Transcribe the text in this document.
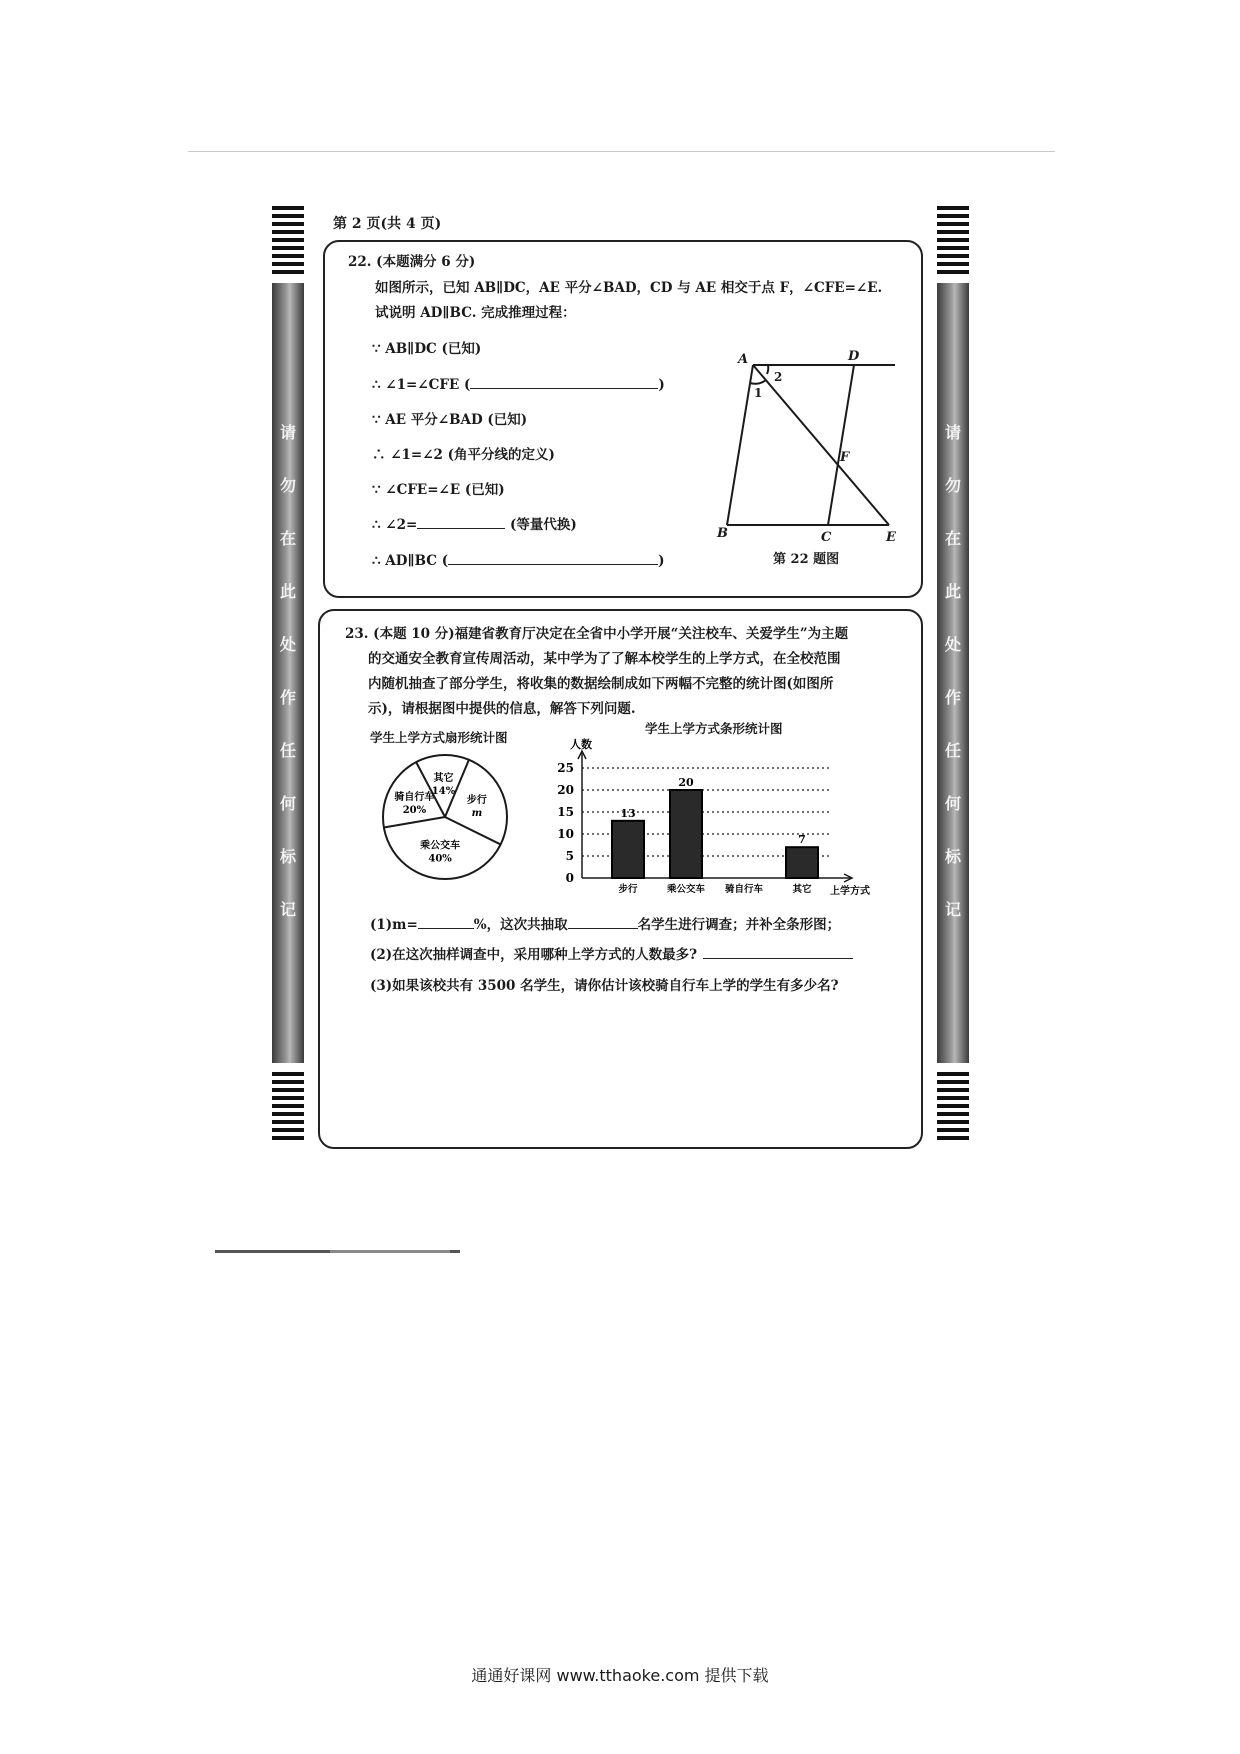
请
勿
在
此
处
作
任
何
标
记
请
勿
在
此
处
作
任
何
标
记
第 2 页(共 4 页)
22. (本题满分 6 分)
如图所示，已知 AB∥DC，AE 平分∠BAD，CD 与 AE 相交于点 F，∠CFE=∠E.
试说明 AD∥BC. 完成推理过程：
∵ AB∥DC (已知)
∴ ∠1=∠CFE (	)
∵ AE 平分∠BAD (已知)
∴ ∠1=∠2 (角平分线的定义)
∵ ∠CFE=∠E (已知)
∴ ∠2=	(等量代换)
∴ AD∥BC (	)
A	D
B	C	E
F
1
2
第 22 题图
23. (本题 10 分)福建省教育厅决定在全省中小学开展“关注校车、关爱学生”为主题
的交通安全教育宣传周活动，某中学为了了解本校学生的上学方式，在全校范围
内随机抽查了部分学生，将收集的数据绘制成如下两幅不完整的统计图(如图所
示)，请根据图中提供的信息，解答下列问题.
学生上学方式扇形统计图
其它
14%
步行
m
乘公交车
40%
骑自行车
20%
学生上学方式条形统计图
人数
0
5
10
15
20
25
13
步行
20
乘公交车 骑自行车
7
其它 上学方式
(1)m=	%，这次共抽取	名学生进行调查；并补全条形图；
(2)在这次抽样调查中，采用哪种上学方式的人数最多?
(3)如果该校共有 3500 名学生，请你估计该校骑自行车上学的学生有多少名?
通通好课网 www.tthaoke.com 提供下载
